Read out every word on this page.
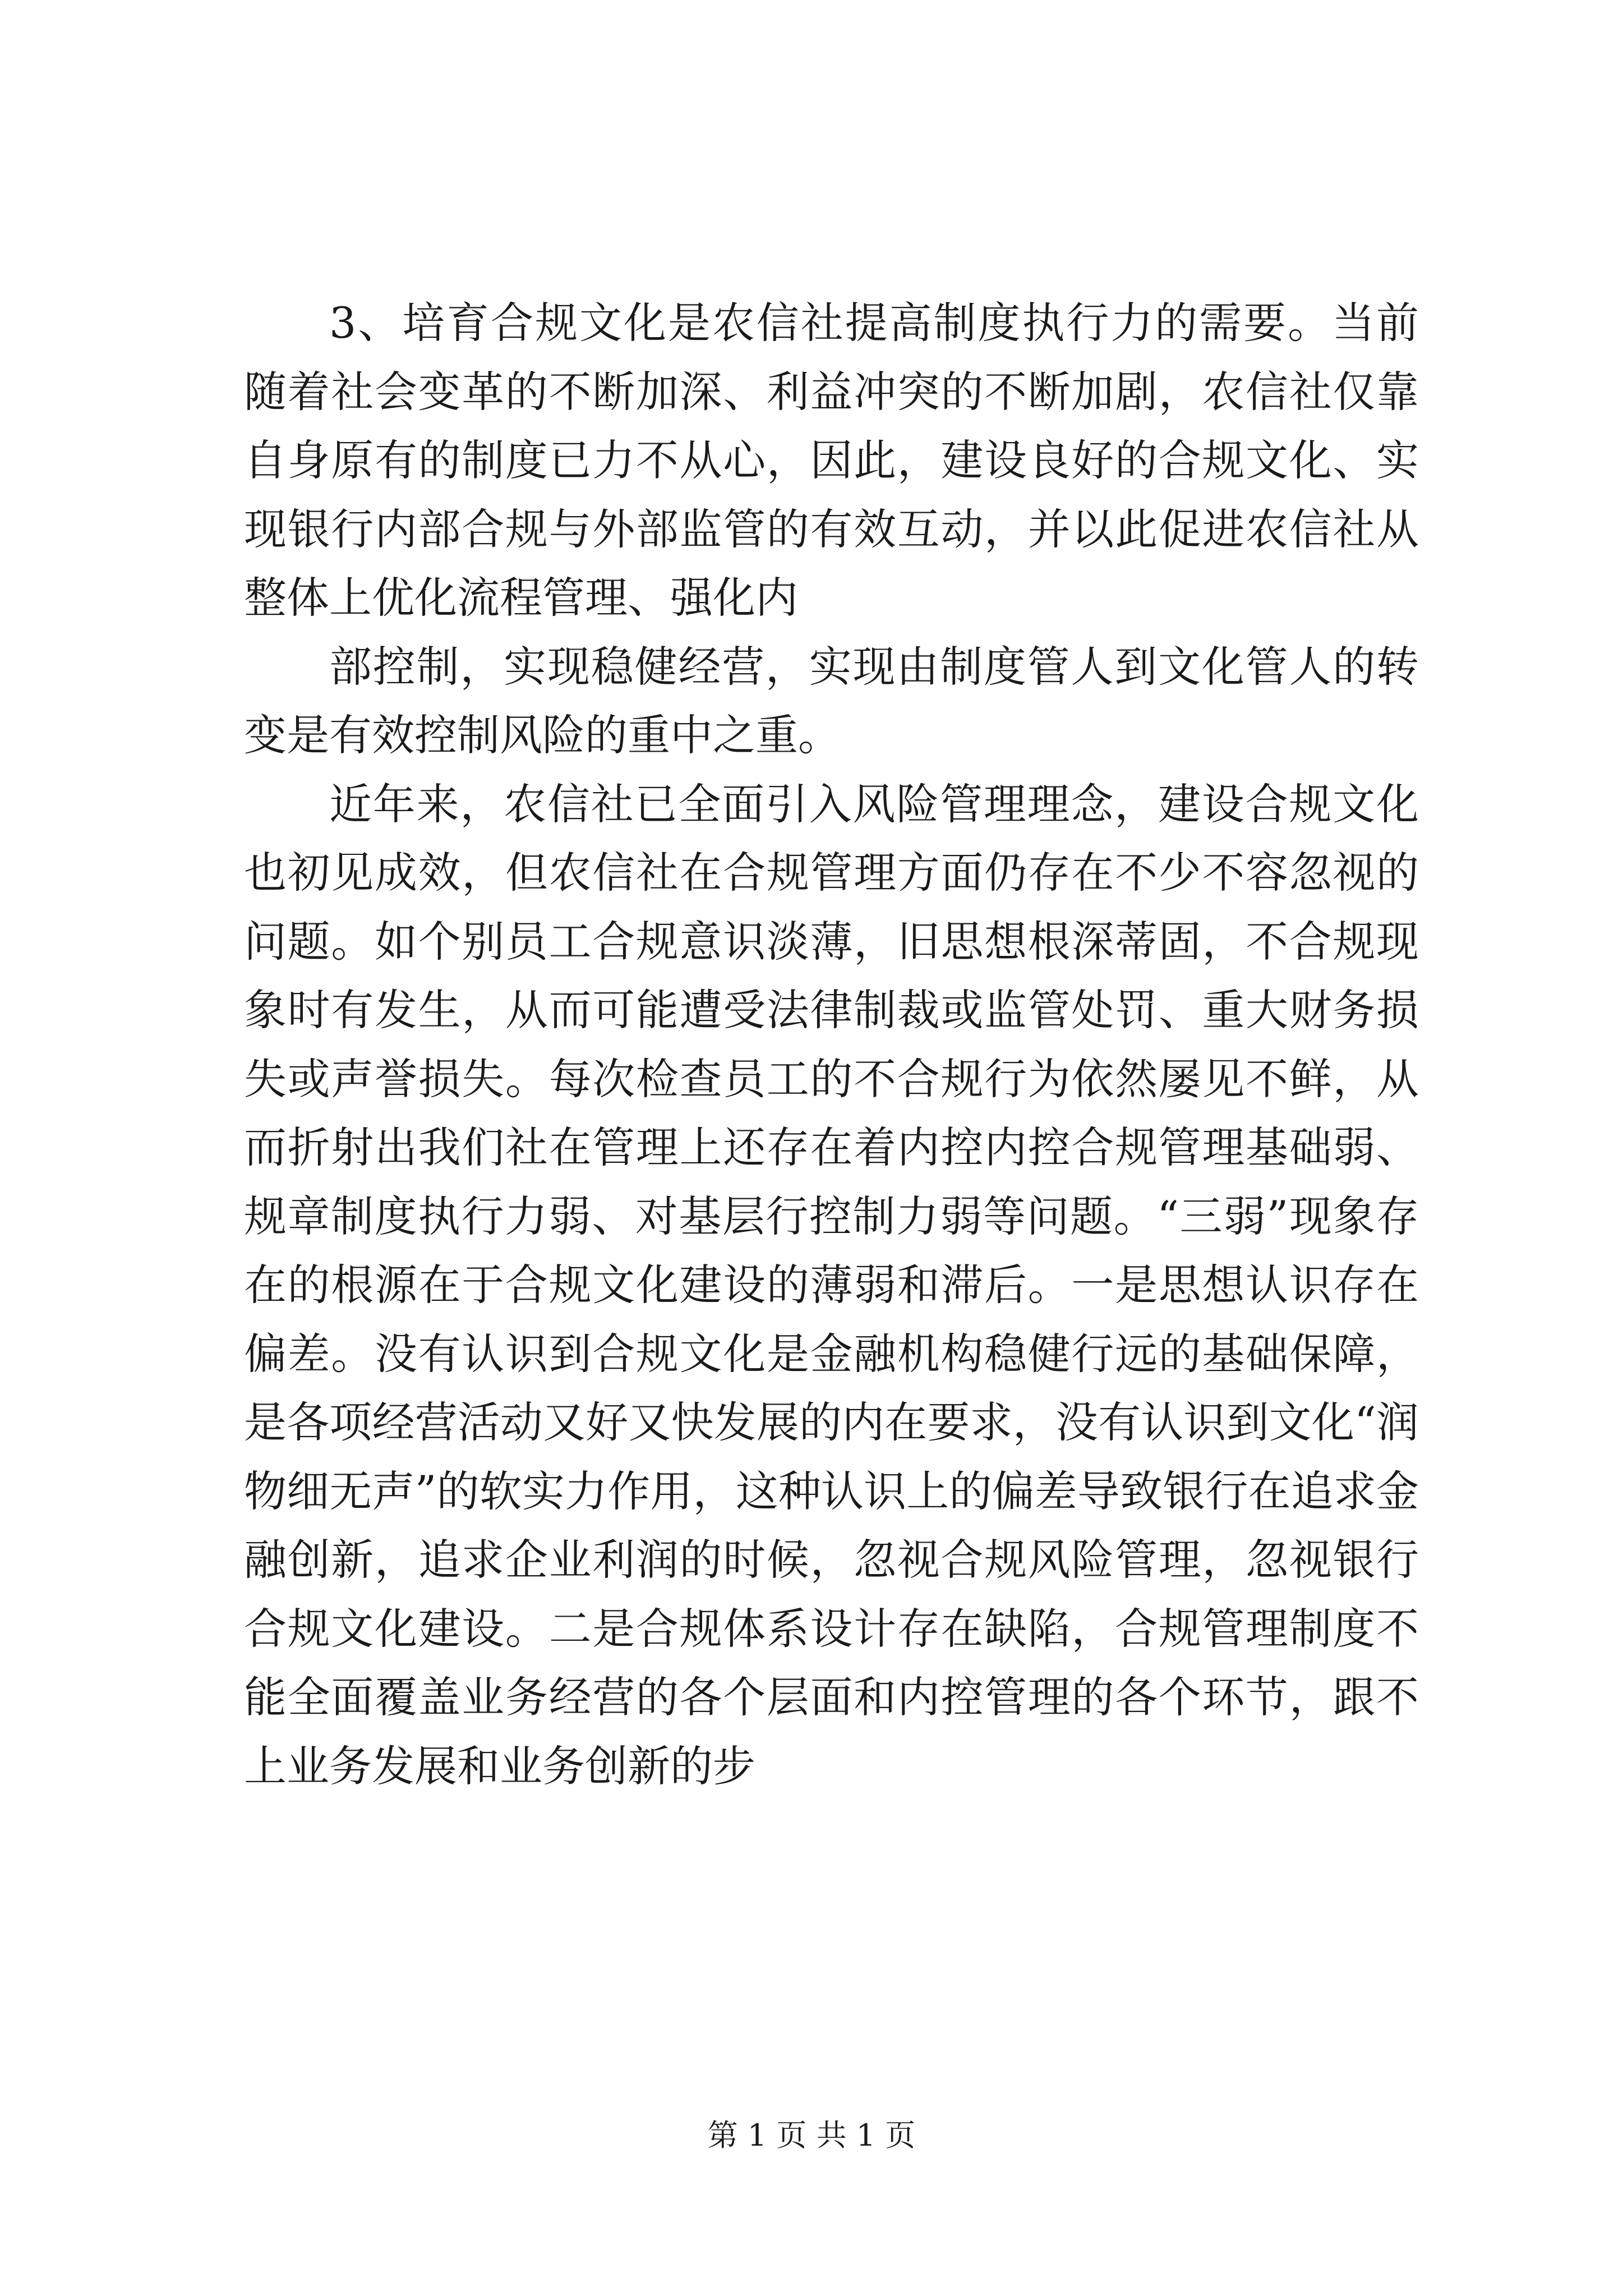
3、培育合规文化是农信社提高制度执行力的需要。当前随着社会变革的不断加深、利益冲突的不断加剧，农信社仅靠自身原有的制度已力不从心，因此，建设良好的合规文化、实现银行内部合规与外部监管的有效互动，并以此促进农信社从整体上优化流程管理、强化内

部控制，实现稳健经营，实现由制度管人到文化管人的转变是有效控制风险的重中之重。

近年来，农信社已全面引入风险管理理念，建设合规文化也初见成效，但农信社在合规管理方面仍存在不少不容忽视的问题。如个别员工合规意识淡薄，旧思想根深蒂固，不合规现象时有发生，从而可能遭受法律制裁或监管处罚、重大财务损失或声誉损失。每次检查员工的不合规行为依然屡见不鲜，从而折射出我们社在管理上还存在着内控内控合规管理基础弱、规章制度执行力弱、对基层行控制力弱等问题。“三弱”现象存在的根源在于合规文化建设的薄弱和滞后。一是思想认识存在偏差。没有认识到合规文化是金融机构稳健行远的基础保障，是各项经营活动又好又快发展的内在要求，没有认识到文化“润物细无声”的软实力作用，这种认识上的偏差导致银行在追求金融创新，追求企业利润的时候，忽视合规风险管理，忽视银行合规文化建设。二是合规体系设计存在缺陷，合规管理制度不能全面覆盖业务经营的各个层面和内控管理的各个环节，跟不上业务发展和业务创新的步

第 1 页 共 1 页
